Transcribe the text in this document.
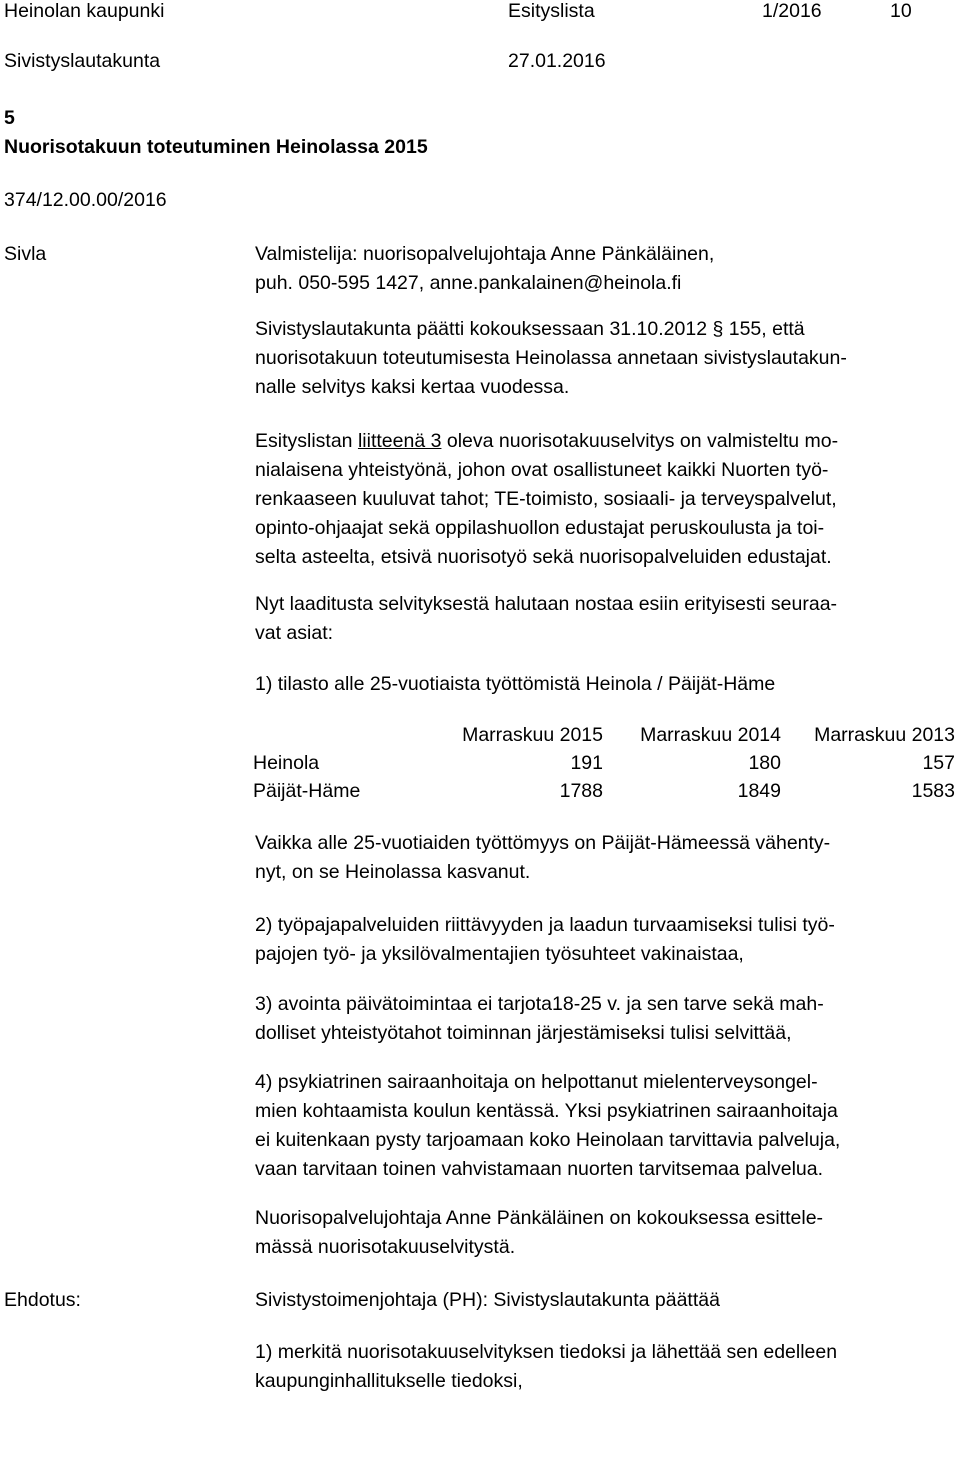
Heinolan kaupunki	Esityslista	1/2016	10
Sivistyslautakunta	27.01.2016
5
Nuorisotakuun toteutuminen Heinolassa 2015
374/12.00.00/2016
Sivla	Valmistelija: nuorisopalvelujohtaja Anne Pänkäläinen,
puh. 050-595 1427, anne.pankalainen@heinola.fi
Sivistyslautakunta päätti kokouksessaan 31.10.2012 § 155, että
nuorisotakuun toteutumisesta Heinolassa annetaan sivistyslautakun-
nalle selvitys kaksi kertaa vuodessa.
Esityslistan liitteenä 3 oleva nuorisotakuuselvitys on valmisteltu mo-
nialaisena yhteistyönä, johon ovat osallistuneet kaikki Nuorten työ-
renkaaseen kuuluvat tahot; TE-toimisto, sosiaali- ja terveyspalvelut,
opinto-ohjaajat sekä oppilashuollon edustajat peruskoulusta ja toi-
selta asteelta, etsivä nuorisotyö sekä nuorisopalveluiden edustajat.
Nyt laaditusta selvityksestä halutaan nostaa esiin erityisesti seuraa-
vat asiat:
1) tilasto alle 25-vuotiaista työttömistä Heinola / Päijät-Häme
	Marraskuu 2015	Marraskuu 2014	Marraskuu 2013
Heinola	191	180	157
Päijät-Häme	1788	1849	1583
Vaikka alle 25-vuotiaiden työttömyys on Päijät-Hämeessä vähenty-
nyt, on se Heinolassa kasvanut.
2) työpajapalveluiden riittävyyden ja laadun turvaamiseksi tulisi työ-
pajojen työ- ja yksilövalmentajien työsuhteet vakinaistaa,
3) avointa päivätoimintaa ei tarjota18-25 v. ja sen tarve sekä mah-
dolliset yhteistyötahot toiminnan järjestämiseksi tulisi selvittää,
4) psykiatrinen sairaanhoitaja on helpottanut mielenterveysongel-
mien kohtaamista koulun kentässä. Yksi psykiatrinen sairaanhoitaja
ei kuitenkaan pysty tarjoamaan koko Heinolaan tarvittavia palveluja,
vaan tarvitaan toinen vahvistamaan nuorten tarvitsemaa palvelua.
Nuorisopalvelujohtaja Anne Pänkäläinen on kokouksessa esittele-
mässä nuorisotakuuselvitystä.
Ehdotus:	Sivistystoimenjohtaja (PH): Sivistyslautakunta päättää
1) merkitä nuorisotakuuselvityksen tiedoksi ja lähettää sen edelleen
kaupunginhallitukselle tiedoksi,
